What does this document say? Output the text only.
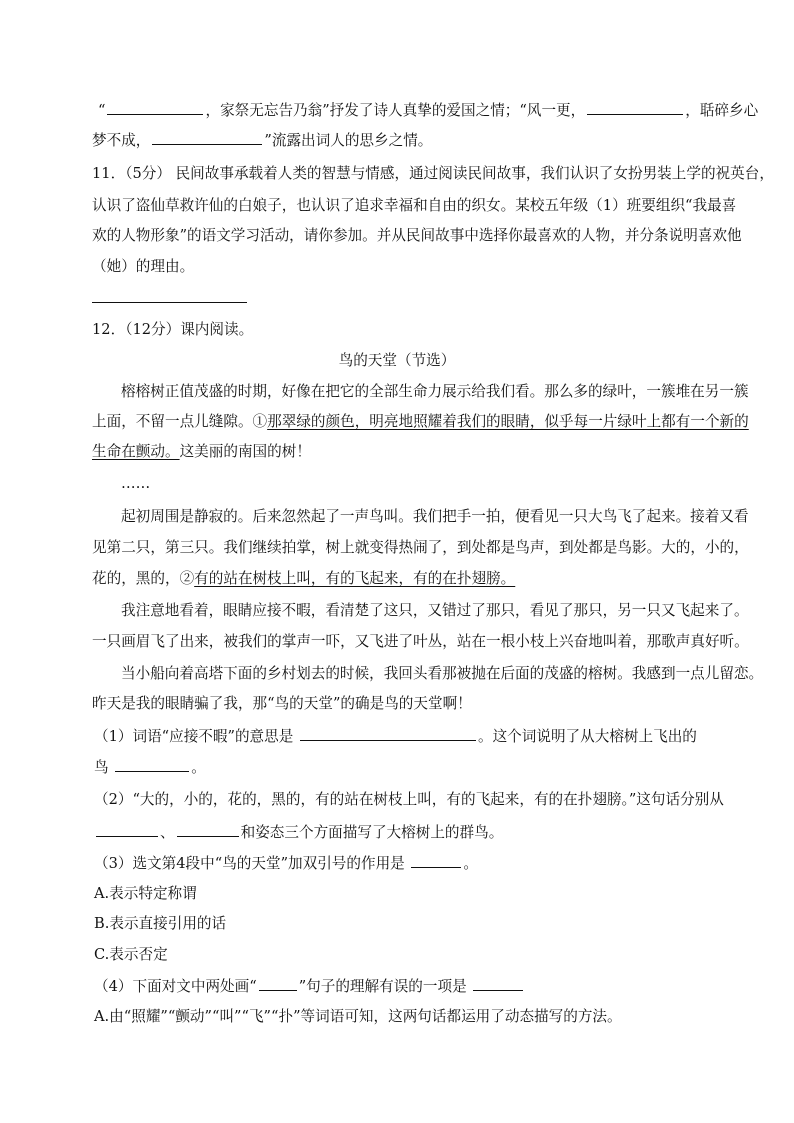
“	，家祭无忘告乃翁”抒发了诗人真挚的爱国之情；“风一更，	，聒碎乡心
梦不成，	”流露出词人的思乡之情。
11．（5分） 民间故事承载着人类的智慧与情感，通过阅读民间故事，我们认识了女扮男装上学的祝英台，
认识了盗仙草救许仙的白娘子，也认识了追求幸福和自由的织女。某校五年级（1）班要组织“我最喜
欢的人物形象”的语文学习活动，请你参加。并从民间故事中选择你最喜欢的人物，并分条说明喜欢他
（她）的理由。
12．（12分）课内阅读。
鸟的天堂（节选）
榕榕树正值茂盛的时期，好像在把它的全部生命力展示给我们看。那么多的绿叶，一簇堆在另一簇
上面，不留一点儿缝隙。①那翠绿的颜色，明亮地照耀着我们的眼睛，似乎每一片绿叶上都有一个新的
生命在颤动。这美丽的南国的树！
……
起初周围是静寂的。后来忽然起了一声鸟叫。我们把手一拍，便看见一只大鸟飞了起来。接着又看
见第二只，第三只。我们继续拍掌，树上就变得热闹了，到处都是鸟声，到处都是鸟影。大的，小的，
花的，黑的，②有的站在树枝上叫，有的飞起来，有的在扑翅膀。
我注意地看着，眼睛应接不暇，看清楚了这只，又错过了那只，看见了那只，另一只又飞起来了。
一只画眉飞了出来，被我们的掌声一吓，又飞进了叶丛，站在一根小枝上兴奋地叫着，那歌声真好听。
当小船向着高塔下面的乡村划去的时候，我回头看那被抛在后面的茂盛的榕树。我感到一点儿留恋。
昨天是我的眼睛骗了我，那“鸟的天堂”的确是鸟的天堂啊！
（1）词语“应接不暇”的意思是	。这个词说明了从大榕树上飞出的
鸟	。
（2）“大的，小的，花的，黑的，有的站在树枝上叫，有的飞起来，有的在扑翅膀。”这句话分别从
、	和姿态三个方面描写了大榕树上的群鸟。
（3）选文第4段中“鸟的天堂”加双引号的作用是	。
A.表示特定称谓
B.表示直接引用的话
C.表示否定
（4）下面对文中两处画“	”句子的理解有误的一项是
A.由“照耀”“颤动”“叫”“飞”“扑”等词语可知，这两句话都运用了动态描写的方法。
